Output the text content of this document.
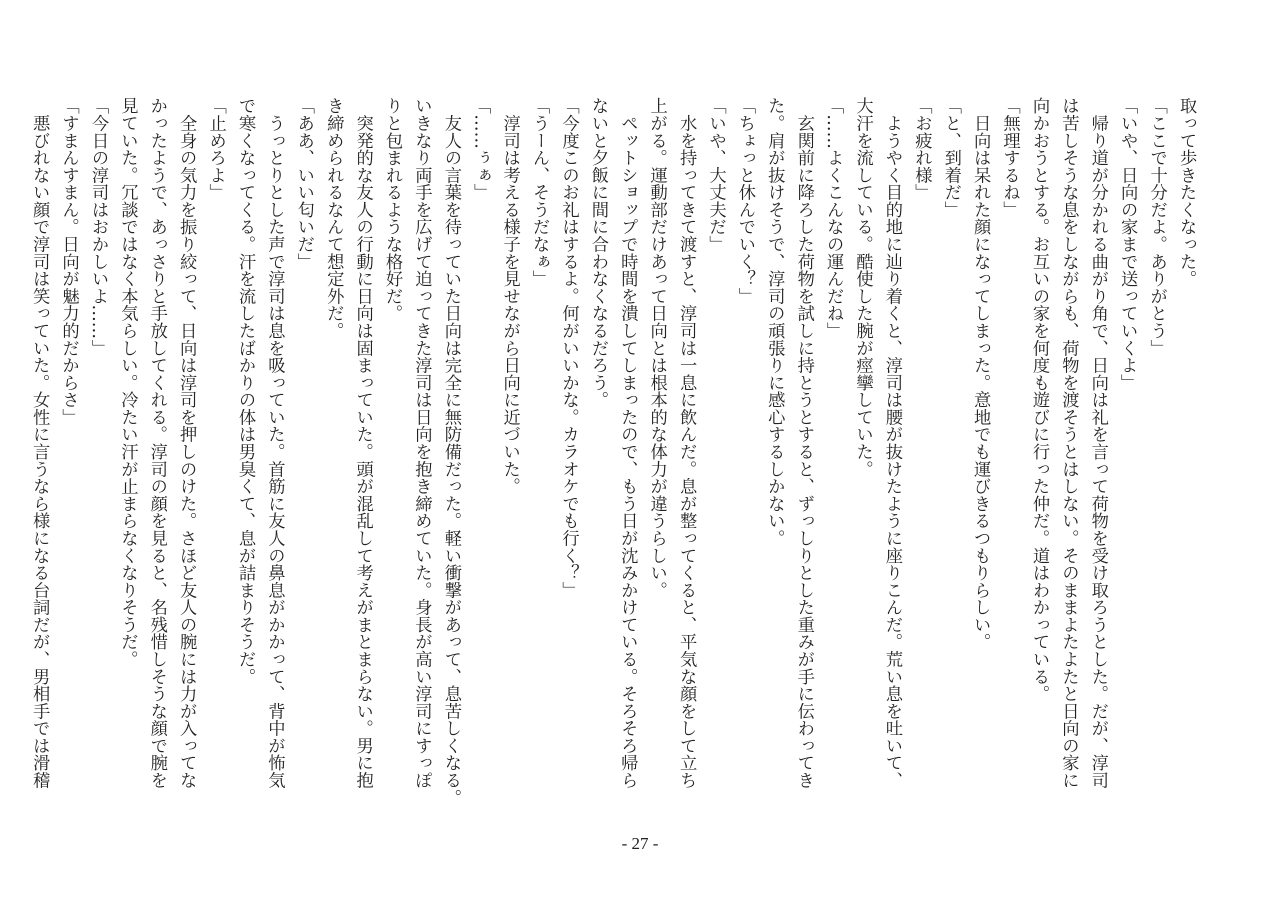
取って歩きたくなった。
「ここで十分だよ。ありがとう」
「いや、日向の家まで送っていくよ」
　帰り道が分かれる曲がり角で、日向は礼を言って荷物を受け取ろうとした。だが、淳司
は苦しそうな息をしながらも、荷物を渡そうとはしない。そのままよたよたと日向の家に
向かおうとする。お互いの家を何度も遊びに行った仲だ。道はわかっている。
「無理するね」
　日向は呆れた顔になってしまった。意地でも運びきるつもりらしい。
「と、到着だ」
「お疲れ様」
　ようやく目的地に辿り着くと、淳司は腰が抜けたように座りこんだ。荒い息を吐いて、
大汗を流している。酷使した腕が痙攣していた。
「……よくこんなの運んだね」
　玄関前に降ろした荷物を試しに持とうとすると、ずっしりとした重みが手に伝わってき
た。肩が抜けそうで、淳司の頑張りに感心するしかない。
「ちょっと休んでいく？」
「いや、大丈夫だ」
　水を持ってきて渡すと、淳司は一息に飲んだ。息が整ってくると、平気な顔をして立ち
上がる。運動部だけあって日向とは根本的な体力が違うらしい。
　ペットショップで時間を潰してしまったので、もう日が沈みかけている。そろそろ帰ら
ないと夕飯に間に合わなくなるだろう。
「今度このお礼はするよ。何がいいかな。カラオケでも行く？」
「うーん、そうだなぁ」
　淳司は考える様子を見せながら日向に近づいた。
「……ぅぁ」
　友人の言葉を待っていた日向は完全に無防備だった。軽い衝撃があって、息苦しくなる。
いきなり両手を広げて迫ってきた淳司は日向を抱き締めていた。身長が高い淳司にすっぽ
りと包まれるような格好だ。
　突発的な友人の行動に日向は固まっていた。頭が混乱して考えがまとまらない。男に抱
き締められるなんて想定外だ。
「ああ、いい匂いだ」
　うっとりとした声で淳司は息を吸っていた。首筋に友人の鼻息がかかって、背中が怖気
で寒くなってくる。汗を流したばかりの体は男臭くて、息が詰まりそうだ。
「止めろよ」
　全身の気力を振り絞って、日向は淳司を押しのけた。さほど友人の腕には力が入ってな
かったようで、あっさりと手放してくれる。淳司の顔を見ると、名残惜しそうな顔で腕を
見ていた。冗談ではなく本気らしい。冷たい汗が止まらなくなりそうだ。
「今日の淳司はおかしいよ……」
「すまんすまん。日向が魅力的だからさ」
　悪びれない顔で淳司は笑っていた。女性に言うなら様になる台詞だが、男相手では滑稽
- 27 -
